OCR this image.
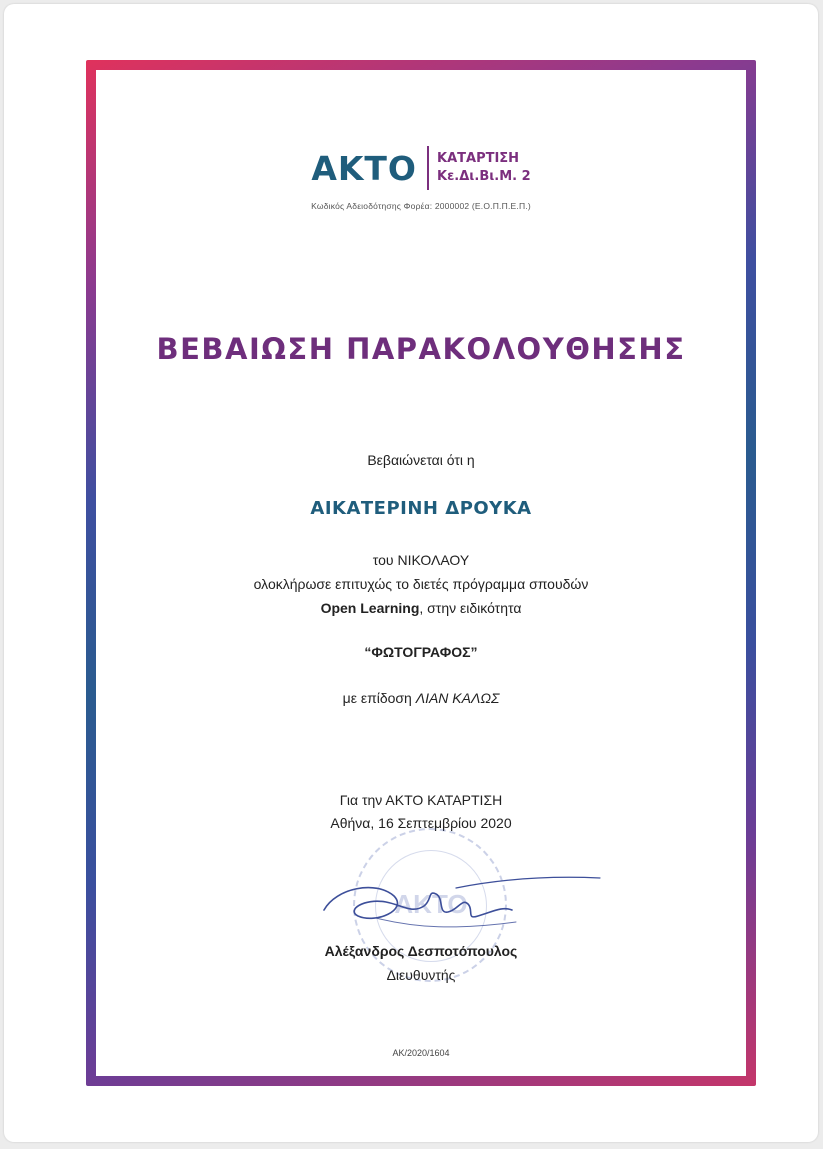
ΑΚΤΟ	ΚΑΤΑΡΤΙΣΗ
Κε.Δι.Βι.Μ. 2
Κωδικός Αδειοδότησης Φορέα: 2000002 (Ε.Ο.Π.Π.Ε.Π.)
ΒΕΒΑΙΩΣΗ ΠΑΡΑΚΟΛΟΥΘΗΣΗΣ
Βεβαιώνεται ότι η
ΑΙΚΑΤΕΡΙΝΗ ΔΡΟΥΚΑ
του ΝΙΚΟΛΑΟΥ
ολοκλήρωσε επιτυχώς το διετές πρόγραμμα σπουδών
Open Learning, στην ειδικότητα
“ΦΩΤΟΓΡΑΦΟΣ”
με επίδοση ΛΙΑΝ ΚΑΛΩΣ
Για την ΑΚΤΟ ΚΑΤΑΡΤΙΣΗ
Αθήνα, 16 Σεπτεμβρίου 2020
ΑΚΤΟ
Αλέξανδρος Δεσποτόπουλος
Διευθυντής
ΑΚ/2020/1604
